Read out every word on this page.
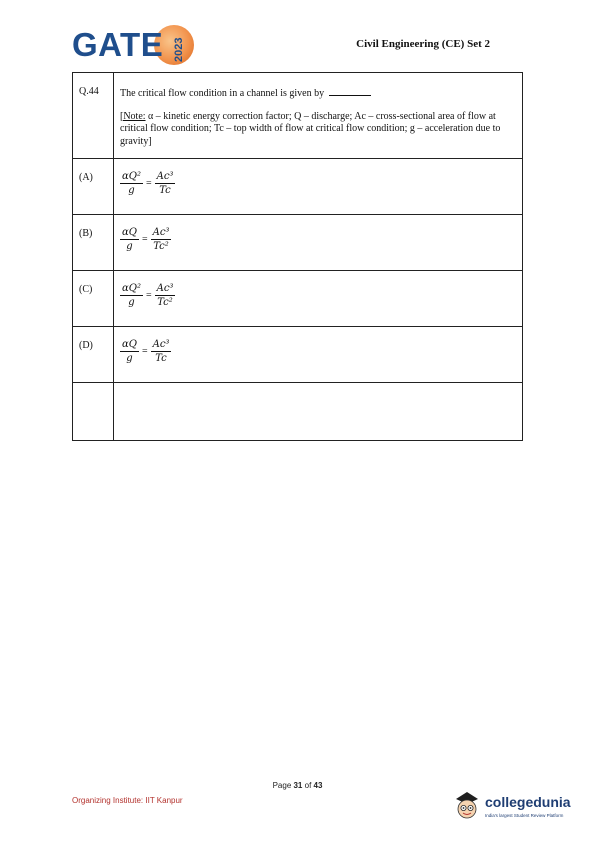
GATE 2023	Civil Engineering (CE) Set 2
Q.44	The critical flow condition in a channel is given by
[Note: α – kinetic energy correction factor; Q – discharge; Ac – cross-sectional area of flow at critical flow condition; Tc – top width of flow at critical flow condition; g – acceleration due to gravity]

(A)	$\frac{\text{αQ²}}{g} = \frac{\text{Ac³}}{Tc}$

(B)	$\frac{\alpha Q}{g} = \frac{\text{Ac³}}{\text{Tc²}}$

(C)	$\frac{\text{αQ²}}{g} = \frac{\text{Ac³}}{\text{Tc²}}$

(D)	$\frac{\alpha Q}{g} = \frac{\text{Ac³}}{Tc}$

Page 31 of 43
Organizing Institute: IIT Kanpur	collegedunia
India's largest Student Review Platform
